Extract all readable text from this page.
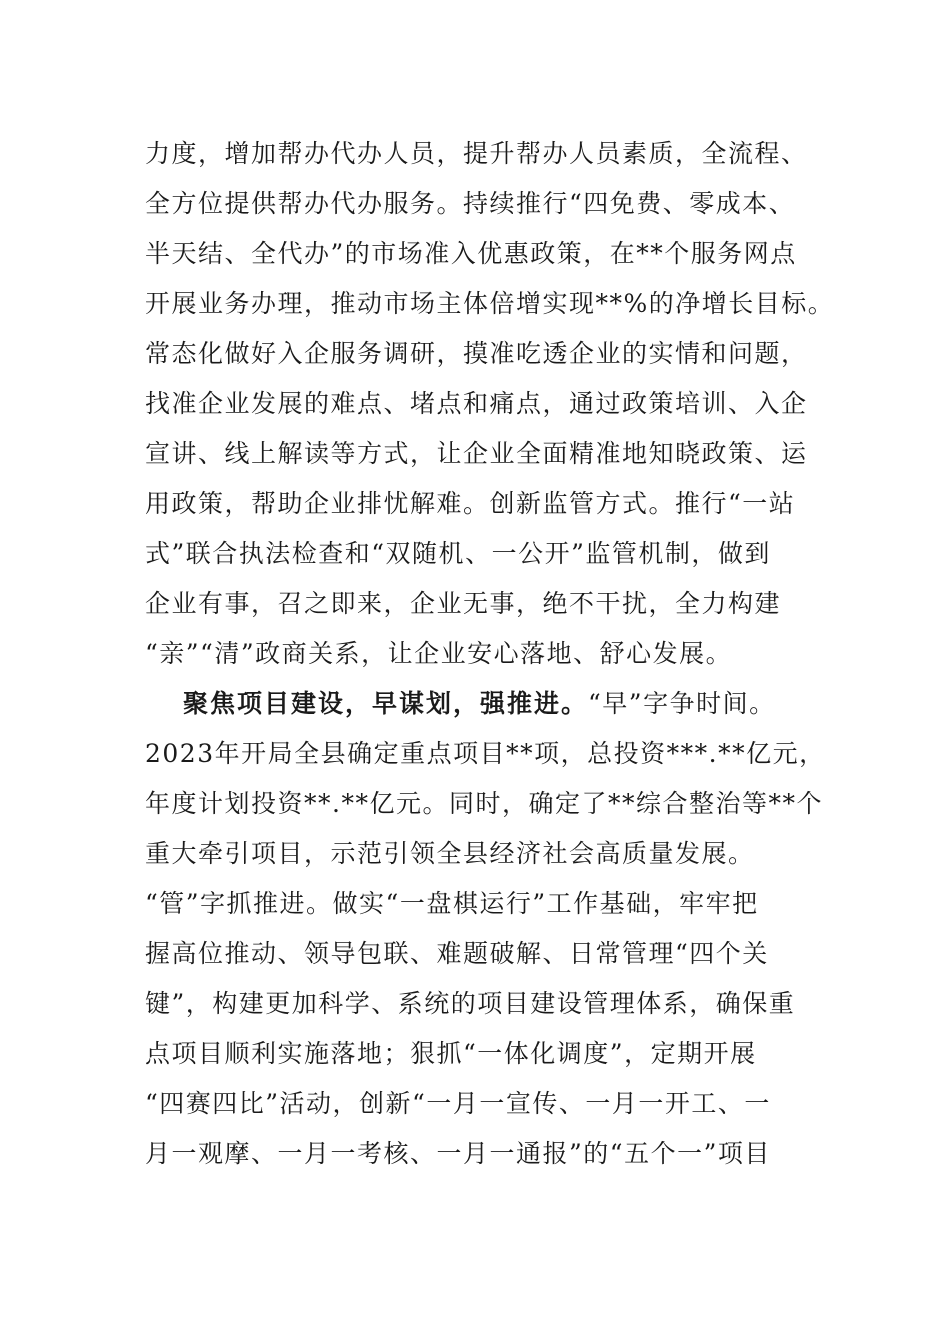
力度，增加帮办代办人员，提升帮办人员素质，全流程、
全方位提供帮办代办服务。持续推行“四免费、零成本、
半天结、全代办”的市场准入优惠政策，在**个服务网点
开展业务办理，推动市场主体倍增实现**%的净增长目标。
常态化做好入企服务调研，摸准吃透企业的实情和问题，
找准企业发展的难点、堵点和痛点，通过政策培训、入企
宣讲、线上解读等方式，让企业全面精准地知晓政策、运
用政策，帮助企业排忧解难。创新监管方式。推行“一站
式”联合执法检查和“双随机、一公开”监管机制，做到
企业有事，召之即来，企业无事，绝不干扰，全力构建
“亲”“清”政商关系，让企业安心落地、舒心发展。
聚焦项目建设，早谋划，强推进。“早”字争时间。
2023年开局全县确定重点项目**项，总投资***.**亿元，
年度计划投资**.**亿元。同时，确定了**综合整治等**个
重大牵引项目，示范引领全县经济社会高质量发展。
“管”字抓推进。做实“一盘棋运行”工作基础，牢牢把
握高位推动、领导包联、难题破解、日常管理“四个关
键”，构建更加科学、系统的项目建设管理体系，确保重
点项目顺利实施落地；狠抓“一体化调度”，定期开展
“四赛四比”活动，创新“一月一宣传、一月一开工、一
月一观摩、一月一考核、一月一通报”的“五个一”项目
